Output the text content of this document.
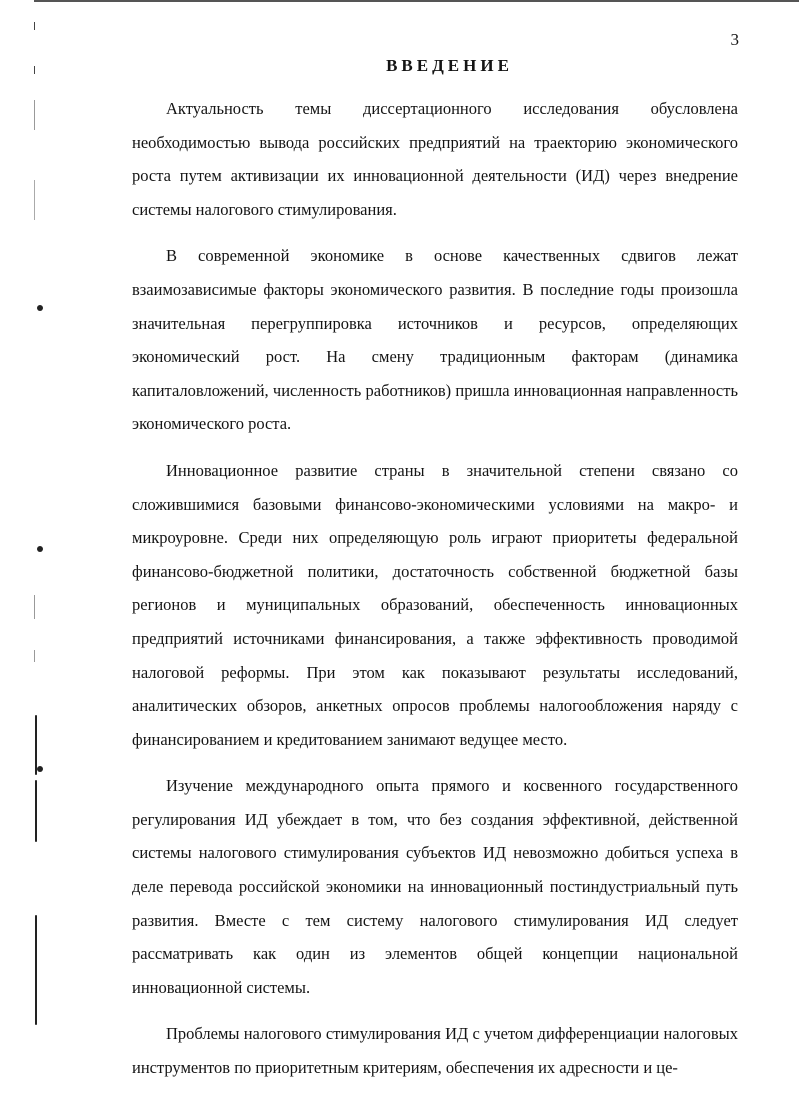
3
ВВЕДЕНИЕ

Актуальность темы диссертационного исследования обусловлена необходимостью вывода российских предприятий на траекторию экономического роста путем активизации их инновационной деятельности (ИД) через внедрение системы налогового стимулирования.

В современной экономике в основе качественных сдвигов лежат взаимозависимые факторы экономического развития. В последние годы произошла значительная перегруппировка источников и ресурсов, определяющих экономический рост. На смену традиционным факторам (динамика капиталовложений, численность работников) пришла инновационная направленность экономического роста.

Инновационное развитие страны в значительной степени связано со сложившимися базовыми финансово-экономическими условиями на макро- и микроуровне. Среди них определяющую роль играют приоритеты федеральной финансово-бюджетной политики, достаточность собственной бюджетной базы регионов и муниципальных образований, обеспеченность инновационных предприятий источниками финансирования, а также эффективность проводимой налоговой реформы. При этом как показывают результаты исследований, аналитических обзоров, анкетных опросов проблемы налогообложения наряду с финансированием и кредитованием занимают ведущее место.

Изучение международного опыта прямого и косвенного государственного регулирования ИД убеждает в том, что без создания эффективной, действенной системы налогового стимулирования субъектов ИД невозможно добиться успеха в деле перевода российской экономики на инновационный постиндустриальный путь развития. Вместе с тем систему налогового стимулирования ИД следует рассматривать как один из элементов общей концепции национальной инновационной системы.

Проблемы налогового стимулирования ИД с учетом дифференциации налоговых инструментов по приоритетным критериям, обеспечения их адресности и це-
